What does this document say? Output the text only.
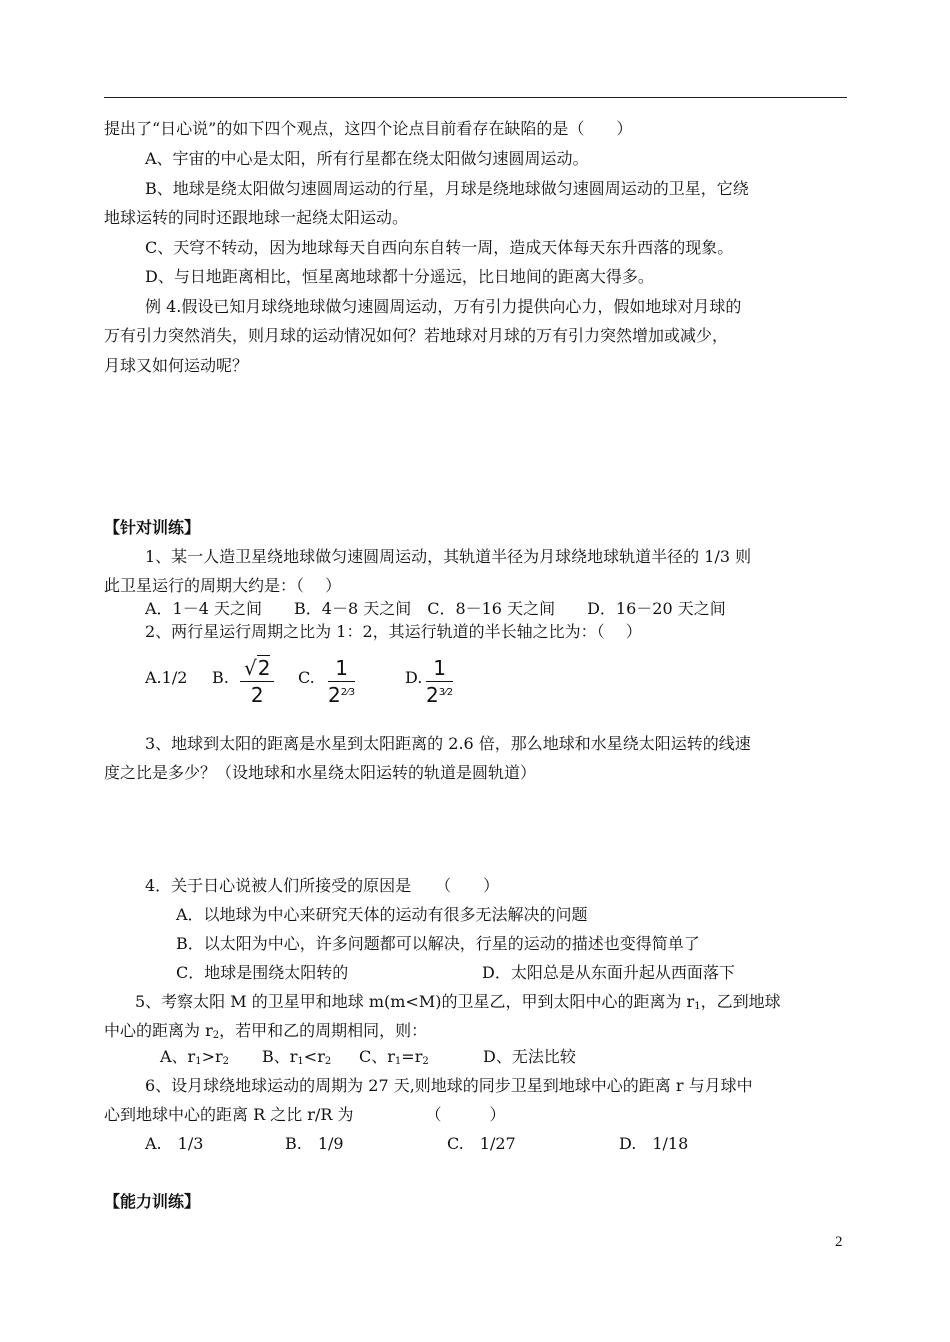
提出了“日心说”的如下四个观点，这四个论点目前看存在缺陷的是（　　）
A、宇宙的中心是太阳，所有行星都在绕太阳做匀速圆周运动。
B、地球是绕太阳做匀速圆周运动的行星，月球是绕地球做匀速圆周运动的卫星，它绕
地球运转的同时还跟地球一起绕太阳运动。
C、天穹不转动，因为地球每天自西向东自转一周，造成天体每天东升西落的现象。
D、与日地距离相比，恒星离地球都十分遥远，比日地间的距离大得多。
例 4.假设已知月球绕地球做匀速圆周运动，万有引力提供向心力，假如地球对月球的
万有引力突然消失，则月球的运动情况如何？若地球对月球的万有引力突然增加或减少，
月球又如何运动呢？
【针对训练】
1、某一人造卫星绕地球做匀速圆周运动，其轨道半径为月球绕地球轨道半径的 1/3 则
此卫星运行的周期大约是：（　 ）
A．1－4 天之间　　B．4－8 天之间　C．8－16 天之间　　D．16－20 天之间
2、两行星运行周期之比为 1：2，其运行轨道的半长轴之比为：（　 ）
A.1/2 B. √2
2
C.	1
$2^{2⁄3}$
D. 1
$2^{3⁄2}$
3、地球到太阳的距离是水星到太阳距离的 2.6 倍，那么地球和水星绕太阳运转的线速
度之比是多少？（设地球和水星绕太阳运转的轨道是圆轨道）
4．关于日心说被人们所接受的原因是　　（　　）
A．以地球为中心来研究天体的运动有很多无法解决的问题
B．以太阳为中心，许多问题都可以解决，行星的运动的描述也变得简单了
C．地球是围绕太阳转的	D．太阳总是从东面升起从西面落下
5、考察太阳 M 的卫星甲和地球 m(m<M)的卫星乙，甲到太阳中心的距离为 $r_1$，乙到地球
中心的距离为 $r_2$，若甲和乙的周期相同，则：
A、$r_1>r_2$ B、$r_1<r_2$ C、$r_1=r_2$	D、无法比较
6、设月球绕地球运动的周期为 27 天,则地球的同步卫星到地球中心的距离 r 与月球中
心到地球中心的距离 R 之比 r/R 为　　　　　（　　　）
A.　1/3	B.　1/9	C.　1/27	D.　1/18
【能力训练】
2
